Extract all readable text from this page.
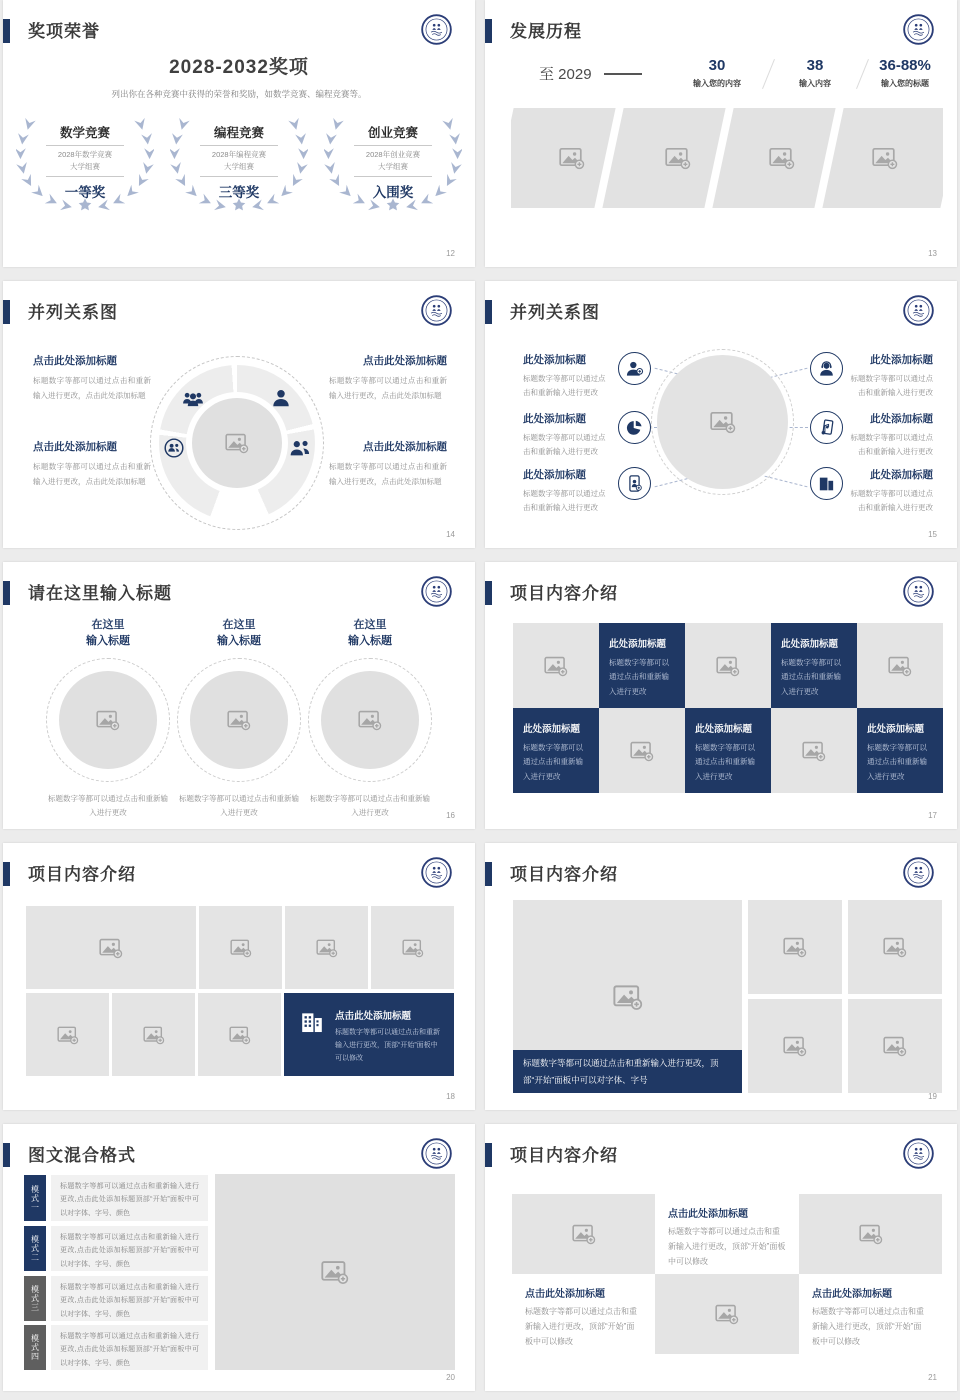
奖项荣誉
2028-2032奖项

列出你在各种竞赛中获得的荣誉和奖励，如数学竞赛、编程竞赛等。

数学竞赛
2028年数学竞赛
大学组赛
一等奖
编程竞赛
2028年编程竞赛
大学组赛
三等奖
创业竞赛
2028年创业竞赛
大学组赛
入围奖
12
发展历程
至 2029
30
输入您的内容
38
输入内容
36-88%
输入您的标题
13
并列关系图
点击此处添加标题
标题数字等都可以通过点击和重新输入进行更改，点击此处添加标题
点击此处添加标题
标题数字等都可以通过点击和重新输入进行更改，点击此处添加标题
点击此处添加标题
标题数字等都可以通过点击和重新输入进行更改，点击此处添加标题
点击此处添加标题
标题数字等都可以通过点击和重新输入进行更改，点击此处添加标题
14
并列关系图
此处添加标题
标题数字等都可以通过点击和重新输入进行更改
此处添加标题
标题数字等都可以通过点击和重新输入进行更改
此处添加标题
标题数字等都可以通过点击和重新输入进行更改
此处添加标题
标题数字等都可以通过点击和重新输入进行更改
此处添加标题
标题数字等都可以通过点击和重新输入进行更改
此处添加标题
标题数字等都可以通过点击和重新输入进行更改
15
请在这里输入标题
在这里
输入标题
标题数字等都可以通过点击和重新输入进行更改
在这里
输入标题
标题数字等都可以通过点击和重新输入进行更改
在这里
输入标题
标题数字等都可以通过点击和重新输入进行更改	16
项目内容介绍
此处添加标题
标题数字等都可以通过点击和重新输入进行更改
此处添加标题
标题数字等都可以通过点击和重新输入进行更改
此处添加标题
标题数字等都可以通过点击和重新输入进行更改
此处添加标题
标题数字等都可以通过点击和重新输入进行更改
此处添加标题
标题数字等都可以通过点击和重新输入进行更改
17
项目内容介绍
点击此处添加标题
标题数字等都可以通过点击和重新输入进行更改，顶部“开始”面板中可以修改
18
项目内容介绍
标题数字等都可以通过点击和重新输入进行更改，顶部“开始”面板中可以对字体、字号
19
图文混合格式
模式一	标题数字等都可以通过点击和重新输入进行更改,点击此处添加标题顶部“开始”面板中可以对字体、字号、颜色
模式二	标题数字等都可以通过点击和重新输入进行更改,点击此处添加标题顶部“开始”面板中可以对字体、字号、颜色
模式三	标题数字等都可以通过点击和重新输入进行更改,点击此处添加标题顶部“开始”面板中可以对字体、字号、颜色
模式四	标题数字等都可以通过点击和重新输入进行更改,点击此处添加标题顶部“开始”面板中可以对字体、字号、颜色
20
项目内容介绍
点击此处添加标题
标题数字等都可以通过点击和重新输入进行更改，顶部“开始”面板中可以修改
点击此处添加标题
标题数字等都可以通过点击和重新输入进行更改，顶部“开始”面板中可以修改
点击此处添加标题
标题数字等都可以通过点击和重新输入进行更改，顶部“开始”面板中可以修改
21
